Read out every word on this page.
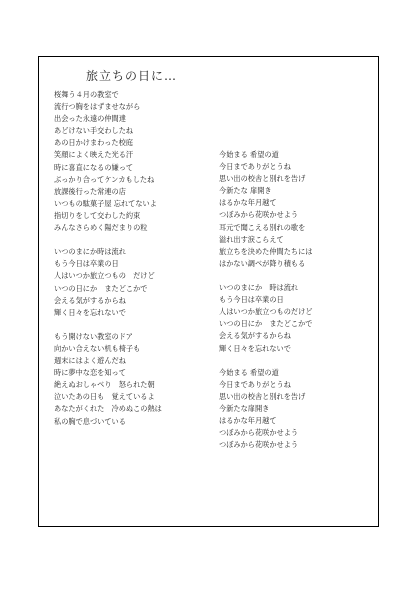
旅立ちの日に…
桜舞う４月の教室で
流行つ胸をはずませながら
出会った永遠の仲間達
あどけない手交わしたね
あの日かけまわった校庭
笑顔によく映えた光る汗
時に喜直になるの嫌って
ぶっかり合ってケンカもしたね
放課後行った常連の店
いつもの駄菓子屋 忘れてないよ
指切りをして交わした約束
みんなさらめく陽だまりの粒

いつのまにか時は流れ
もう今日は卒業の日
人はいつか旅立つもの　だけど
いつの日にか　またどこかで
会える気がするからね
輝く日々を忘れないで

もう開けない教室のドア
向かい合えない机も椅子も
週末にはよく遊んだね
時に夢中な恋を知って
絶えぬおしゃべり　怒られた朝
泣いたあの日も　覚えているよ
あなたがくれた　冷めぬこの熱は
私の胸で息づいている
今始まる 希望の道
今日までありがとうね
思い出の校舎と別れを告げ
今新たな 扉開き
はるかな年月越て
つぼみから花咲かせよう
耳元で聞こえる別れの歌を
溢れ出す涙こらえて
旅立ちを決めた仲間たちには
はかない調べが降り積もる

いつのまにか　時は流れ
もう今日は卒業の日
人はいつか旅立つものだけど
いつの日にか　またどこかで
会える気がするからね
輝く日々を忘れないで

今始まる 希望の道
今日までありがとうね
思い出の校舎と別れを告げ
今新たな扉開き
はるかな年月越て
つぼみから花咲かせよう
つぼみから花咲かせよう
